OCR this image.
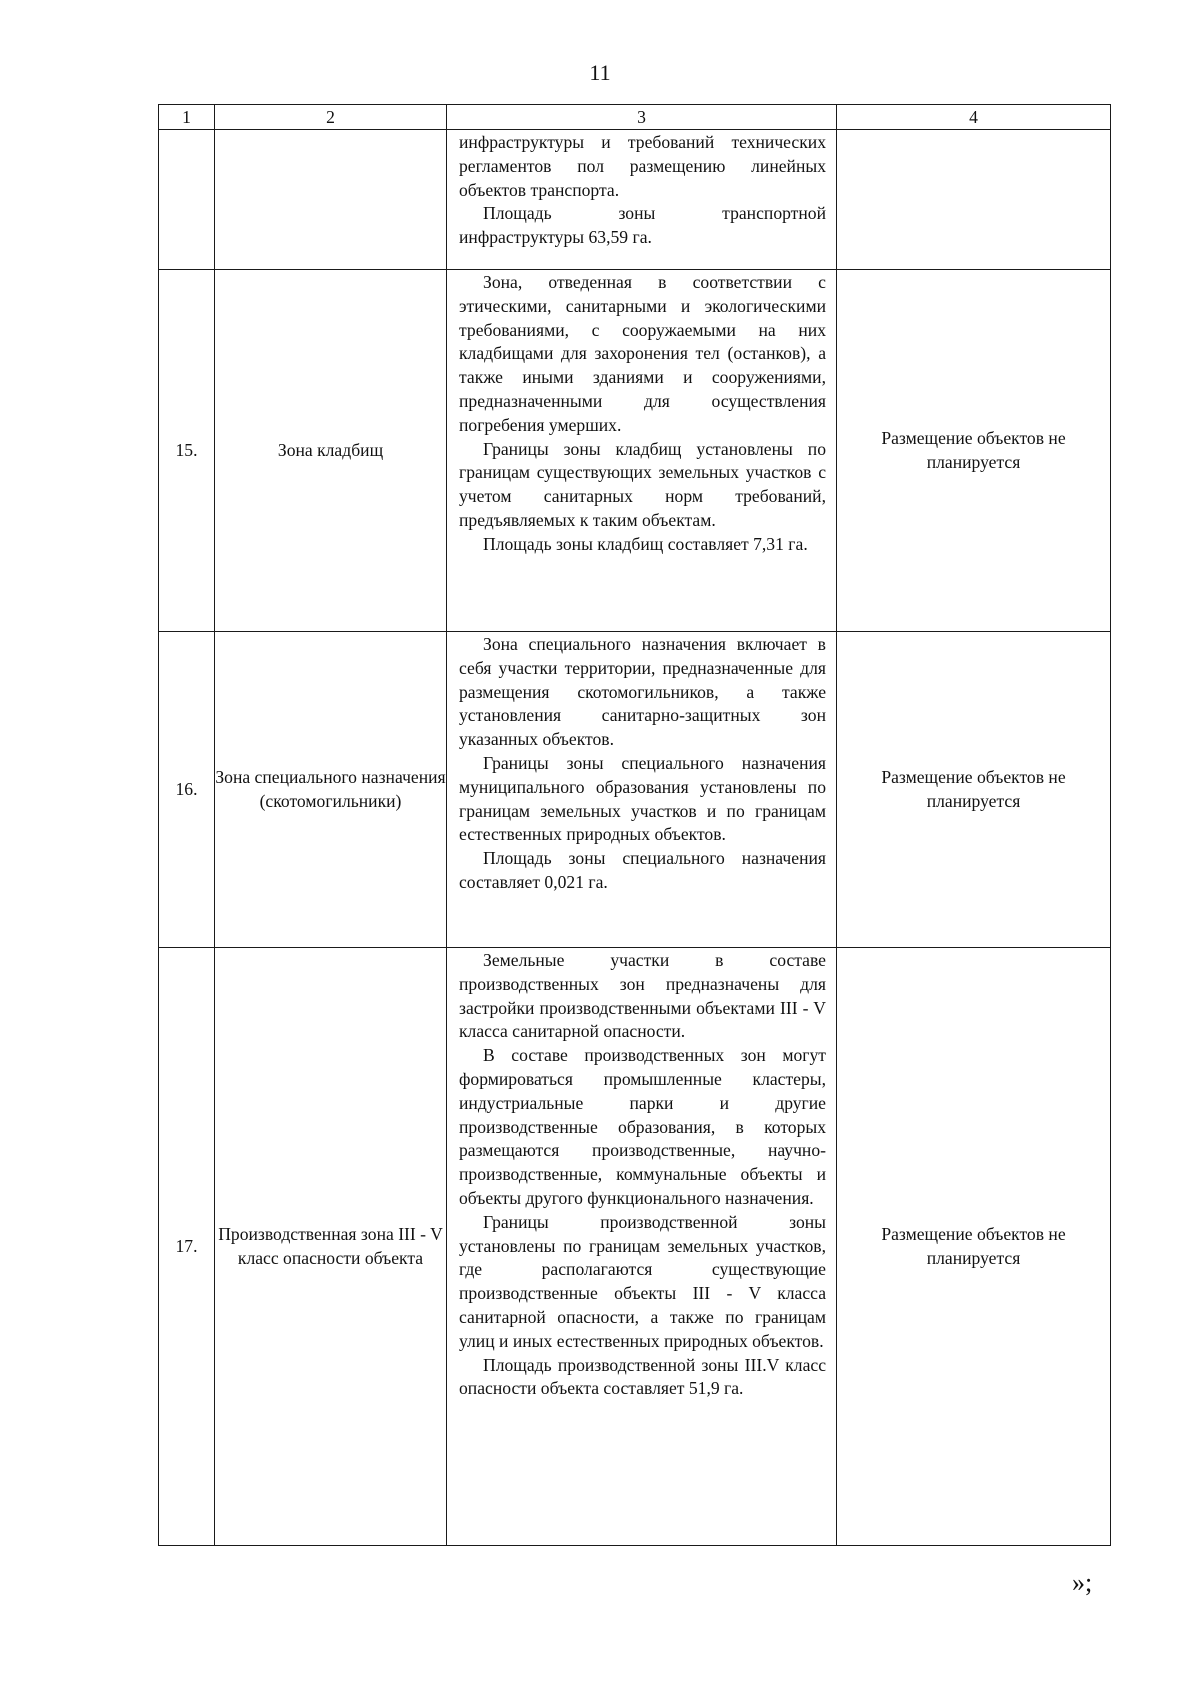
11
1	2	3	4

		инфраструктуры и требований технических регламентов пол размещению линейных объектов транспорта.

Площадь зоны транспортной инфраструктуры 63,59 га.	

15.	Зона кладбищ	Зона, отведенная в соответствии с этическими, санитарными и экологическими требованиями, с сооружаемыми на них кладбищами для захоронения тел (останков), а также иными зданиями и сооружениями, предназначенными для осуществления погребения умерших.

Границы зоны кладбищ установлены по границам существующих земельных участков с учетом санитарных норм требований, предъявляемых к таким объектам.

Площадь зоны кладбищ составляет 7,31 га.	Размещение объектов не планируется
16.	Зона специального назначения (скотомогильники)	Зона специального назначения включает в себя участки территории, предназначенные для размещения скотомогильников, а также установления санитарно-защитных зон указанных объектов.

Границы зоны специального назначения муниципального образования установлены по границам земельных участков и по границам естественных природных объектов.

Площадь зоны специального назначения составляет 0,021 га.	Размещение объектов не планируется
17.	Производственная зона III - V класс опасности объекта	Земельные участки в составе производственных зон предназначены для застройки производственными объектами III - V класса санитарной опасности.

В составе производственных зон могут формироваться промышленные кластеры, индустриальные парки и другие производственные образования, в которых размещаются производственные, научно-производственные, коммунальные объекты и объекты другого функционального назначения.

Границы производственной зоны установлены по границам земельных участков, где располагаются существующие производственные объекты III - V класса санитарной опасности, а также по границам улиц и иных естественных природных объектов.

Площадь производственной зоны III.V класс опасности объекта составляет 51,9 га.	Размещение объектов не планируется
»;
